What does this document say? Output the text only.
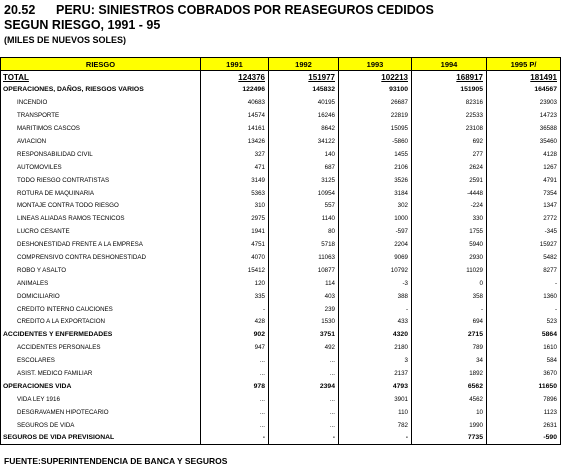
20.52 PERU: SINIESTROS COBRADOS POR REASEGUROS CEDIDOS
SEGUN RIESGO, 1991 - 95
(MILES DE NUEVOS SOLES)
RIESGO	1991	1992	1993	1994	1995 P/
TOTAL	124376	151977	102213	168917	181491
OPERACIONES, DAÑOS, RIESGOS VARIOS	122496	145832	93100	151905	164567
INCENDIO	40683	40195	26687	82316	23903
TRANSPORTE	14574	16246	22819	22533	14723
MARITIMOS CASCOS	14161	8642	15095	23108	36588
AVIACION	13426	34122	-5860	692	35460
RESPONSABILIDAD CIVIL	327	140	1455	277	4128
AUTOMOVILES	471	687	2106	2624	1267
TODO RIESGO CONTRATISTAS	3149	3125	3526	2591	4791
ROTURA DE MAQUINARIA	5363	10954	3184	-4448	7354
MONTAJE CONTRA TODO RIESGO	310	557	302	-224	1347
LINEAS ALIADAS RAMOS TECNICOS	2975	1140	1000	330	2772
LUCRO CESANTE	1941	80	-597	1755	-345
DESHONESTIDAD FRENTE A LA EMPRESA	4751	5718	2204	5940	15927
COMPRENSIVO CONTRA DESHONESTIDAD	4070	11063	9069	2930	5482
ROBO Y ASALTO	15412	10877	10792	11029	8277
ANIMALES	120	114	-3	0	-
DOMICILIARIO	335	403	388	358	1360
CREDITO INTERNO CAUCIONES	-	239	-	-	-
CREDITO A LA EXPORTACION	428	1530	433	694	523
ACCIDENTES Y ENFERMEDADES	902	3751	4320	2715	5864
ACCIDENTES PERSONALES	947	492	2180	789	1610
ESCOLARES	...	...	3	34	584
ASIST. MEDICO FAMILIAR	...	...	2137	1892	3670
OPERACIONES VIDA	978	2394	4793	6562	11650
VIDA LEY 1916	...	...	3901	4562	7896
DESGRAVAMEN HIPOTECARIO	...	...	110	10	1123
SEGUROS DE VIDA	...	...	782	1990	2631
SEGUROS DE VIDA PREVISIONAL	-	-	-	7735	-590
FUENTE:SUPERINTENDENCIA DE BANCA Y SEGUROS
